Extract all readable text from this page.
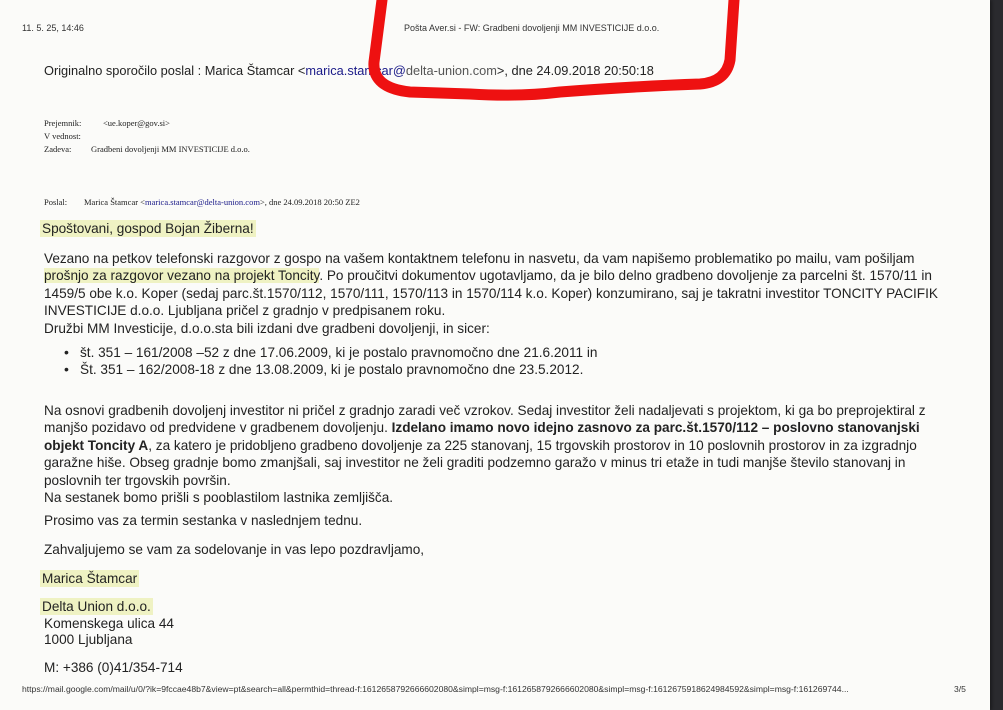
11. 5. 25, 14:46	Pošta Aver.si - FW: Gradbeni dovoljenji MM INVESTICIJE d.o.o.
Originalno sporočilo poslal : Marica Štamcar <marica.stamcar@delta-union.com>, dne 24.09.2018 20:50:18
Prejemnik:	<ue.koper@gov.si>
V vednost:
Zadeva: Gradbeni dovoljenji MM INVESTICIJE d.o.o.
Poslal: Marica Štamcar <marica.stamcar@delta-union.com>, dne 24.09.2018 20:50 ZE2
Spoštovani, gospod Bojan Žiberna!
Vezano na petkov telefonski razgovor z gospo na vašem kontaktnem telefonu in nasvetu, da vam napišemo problematiko po mailu, vam pošiljam prošnjo za razgovor vezano na projekt Toncity. Po proučitvi dokumentov ugotavljamo, da je bilo delno gradbeno dovoljenje za parcelni št. 1570/11 in 1459/5 obe k.o. Koper (sedaj parc.št.1570/112, 1570/111, 1570/113 in 1570/114 k.o. Koper) konzumirano, saj je takratni investitor TONCITY PACIFIK INVESTICIJE d.o.o. Ljubljana pričel z gradnjo v predpisanem roku.
Družbi MM Investicije, d.o.o.sta bili izdani dve gradbeni dovoljenji, in sicer:
• št. 351 – 161/2008 –52 z dne 17.06.2009, ki je postalo pravnomočno dne 21.6.2011 in
• Št. 351 – 162/2008-18 z dne 13.08.2009, ki je postalo pravnomočno dne 23.5.2012.
Na osnovi gradbenih dovoljenj investitor ni pričel z gradnjo zaradi več vzrokov. Sedaj investitor želi nadaljevati s projektom, ki ga bo preprojektiral z manjšo pozidavo od predvidene v gradbenem dovoljenju. Izdelano imamo novo idejno zasnovo za parc.št.1570/112 – poslovno stanovanjski objekt Toncity A, za katero je pridobljeno gradbeno dovoljenje za 225 stanovanj, 15 trgovskih prostorov in 10 poslovnih prostorov in za izgradnjo garažne hiše. Obseg gradnje bomo zmanjšali, saj investitor ne želi graditi podzemno garažo v minus tri etaže in tudi manjše število stanovanj in poslovnih ter trgovskih površin.
Na sestanek bomo prišli s pooblastilom lastnika zemljišča.
Prosimo vas za termin sestanka v naslednjem tednu.
Zahvaljujemo se vam za sodelovanje in vas lepo pozdravljamo,
Marica Štamcar
Delta Union d.o.o.
Komenskega ulica 44
1000 Ljubljana
M: +386 (0)41/354-714
https://mail.google.com/mail/u/0/?ik=9fccae48b7&view=pt&search=all&permthid=thread-f:1612658792666602080&simpl=msg-f:1612658792666602080&simpl=msg-f:1612675918624984592&simpl=msg-f:161269744...	3/5
